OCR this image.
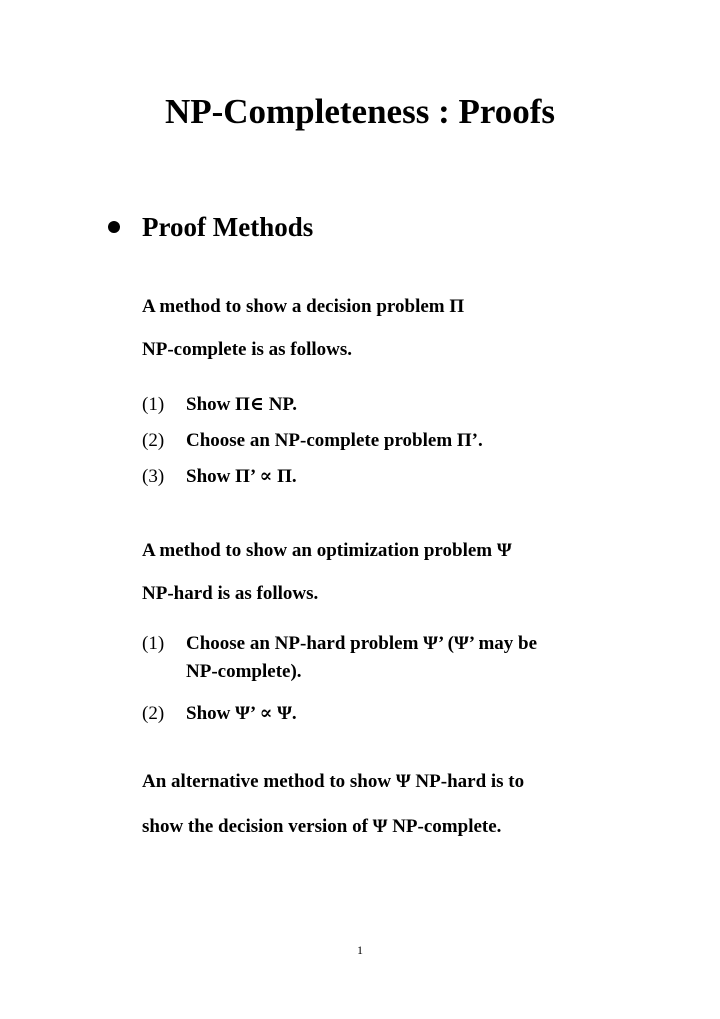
NP-Completeness : Proofs
Proof Methods
A method to show a decision problem Π
NP-complete is as follows.
(1) Show Π∈ NP.
(2) Choose an NP-complete problem Π’.
(3) Show Π’ ∝ Π.
A method to show an optimization problem Ψ
NP-hard is as follows.
(1) Choose an NP-hard problem Ψ’ (Ψ’ may be
NP-complete).
(2) Show Ψ’ ∝ Ψ.
An alternative method to show Ψ NP-hard is to
show the decision version of Ψ NP-complete.
1
